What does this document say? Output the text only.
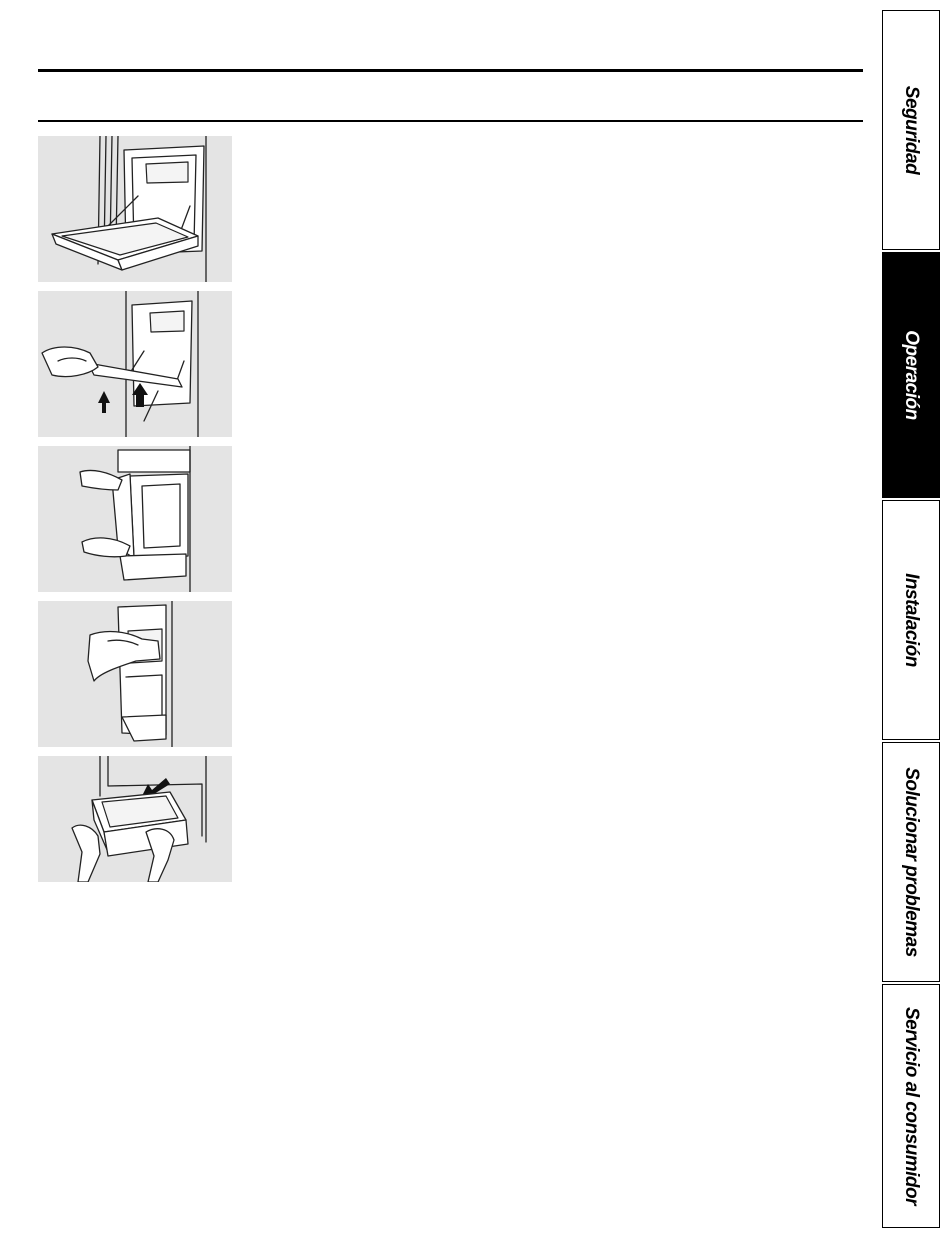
Seguridad
Operación
Instalación
Solucionar problemas
Servicio al consumidor
